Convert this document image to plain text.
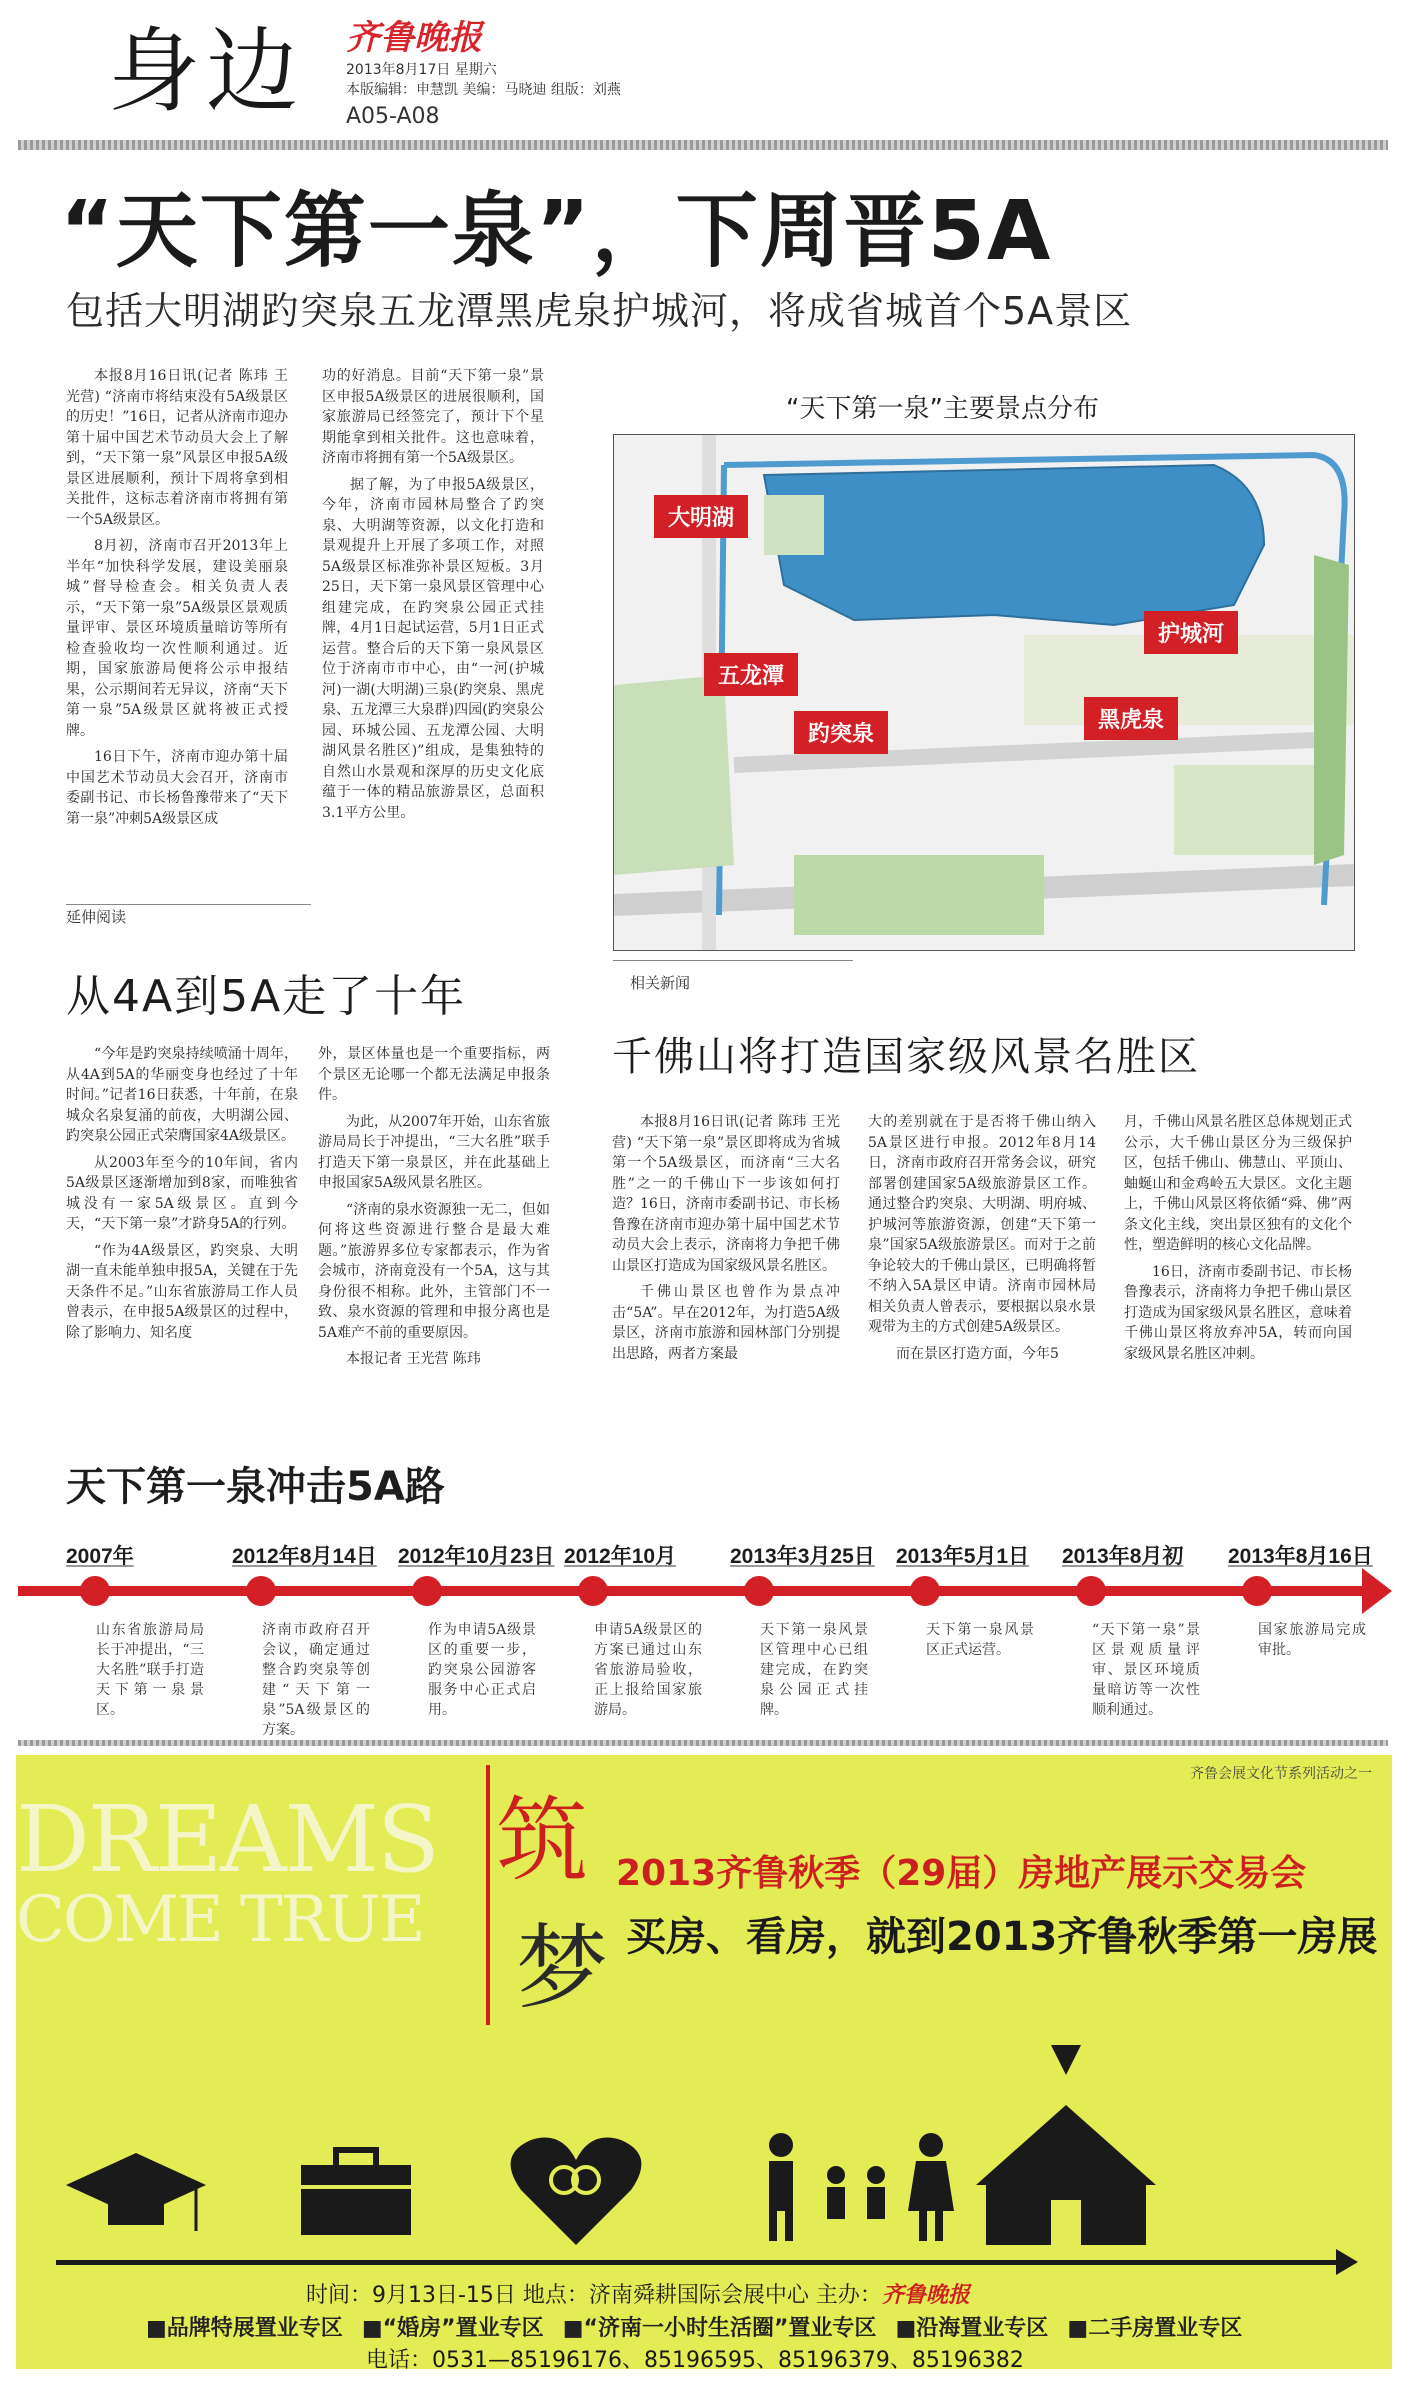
身边 齐鲁晚报
2013年8月17日 星期六
本版编辑：申慧凯 美编：马晓迪 组版：刘燕
A05-A08
“天下第一泉”，下周晋5A
包括大明湖趵突泉五龙潭黑虎泉护城河，将成省城首个5A景区

本报8月16日讯(记者 陈玮 王光营) “济南市将结束没有5A级景区的历史！”16日，记者从济南市迎办第十届中国艺术节动员大会上了解到，“天下第一泉”风景区申报5A级景区进展顺利，预计下周将拿到相关批件，这标志着济南市将拥有第一个5A级景区。

8月初，济南市召开2013年上半年“加快科学发展，建设美丽泉城”督导检查会。相关负责人表示，“天下第一泉”5A级景区景观质量评审、景区环境质量暗访等所有检查验收均一次性顺利通过。近期，国家旅游局便将公示申报结果，公示期间若无异议，济南“天下第一泉”5A级景区就将被正式授牌。

16日下午，济南市迎办第十届中国艺术节动员大会召开，济南市委副书记、市长杨鲁豫带来了“天下第一泉”冲刺5A级景区成

功的好消息。目前“天下第一泉”景区申报5A级景区的进展很顺利，国家旅游局已经签完了，预计下个星期能拿到相关批件。这也意味着，济南市将拥有第一个5A级景区。

据了解，为了申报5A级景区，今年，济南市园林局整合了趵突泉、大明湖等资源，以文化打造和景观提升上开展了多项工作，对照5A级景区标准弥补景区短板。3月25日，天下第一泉风景区管理中心组建完成，在趵突泉公园正式挂牌，4月1日起试运营，5月1日正式运营。整合后的天下第一泉风景区位于济南市市中心，由“一河(护城河)一湖(大明湖)三泉(趵突泉、黑虎泉、五龙潭三大泉群)四园(趵突泉公园、环城公园、五龙潭公园、大明湖风景名胜区)”组成，是集独特的自然山水景观和深厚的历史文化底蕴于一体的精品旅游景区，总面积3.1平方公里。

“天下第一泉”主要景点分布
大明湖
护城河
五龙潭
黑虎泉
趵突泉
延伸阅读
从4A到5A走了十年

“今年是趵突泉持续喷涌十周年，从4A到5A的华丽变身也经过了十年时间。”记者16日获悉，十年前，在泉城众名泉复涌的前夜，大明湖公园、趵突泉公园正式荣膺国家4A级景区。

从2003年至今的10年间，省内5A级景区逐渐增加到8家，而唯独省城没有一家5A级景区。直到今天，“天下第一泉”才跻身5A的行列。

“作为4A级景区，趵突泉、大明湖一直未能单独申报5A，关键在于先天条件不足。”山东省旅游局工作人员曾表示，在申报5A级景区的过程中，除了影响力、知名度

外，景区体量也是一个重要指标，两个景区无论哪一个都无法满足申报条件。

为此，从2007年开始，山东省旅游局局长于冲提出，“三大名胜”联手打造天下第一泉景区，并在此基础上申报国家5A级风景名胜区。

“济南的泉水资源独一无二，但如何将这些资源进行整合是最大难题。”旅游界多位专家都表示，作为省会城市，济南竟没有一个5A，这与其身份很不相称。此外，主管部门不一致、泉水资源的管理和申报分离也是5A难产不前的重要原因。

本报记者 王光营 陈玮

相关新闻
千佛山将打造国家级风景名胜区

本报8月16日讯(记者 陈玮 王光营) “天下第一泉”景区即将成为省城第一个5A级景区，而济南“三大名胜”之一的千佛山下一步该如何打造？16日，济南市委副书记、市长杨鲁豫在济南市迎办第十届中国艺术节动员大会上表示，济南将力争把千佛山景区打造成为国家级风景名胜区。

千佛山景区也曾作为景点冲击“5A”。早在2012年，为打造5A级景区，济南市旅游和园林部门分别提出思路，两者方案最

大的差别就在于是否将千佛山纳入5A景区进行申报。2012年8月14日，济南市政府召开常务会议，研究部署创建国家5A级旅游景区工作。通过整合趵突泉、大明湖、明府城、护城河等旅游资源，创建“天下第一泉”国家5A级旅游景区。而对于之前争论较大的千佛山景区，已明确将暂不纳入5A景区申请。济南市园林局相关负责人曾表示，要根据以泉水景观带为主的方式创建5A级景区。

而在景区打造方面，今年5

月，千佛山风景名胜区总体规划正式公示，大千佛山景区分为三级保护区，包括千佛山、佛慧山、平顶山、蚰蜒山和金鸡岭五大景区。文化主题上，千佛山风景区将依循“舜、佛”两条文化主线，突出景区独有的文化个性，塑造鲜明的核心文化品牌。

16日，济南市委副书记、市长杨鲁豫表示，济南将力争把千佛山景区打造成为国家级风景名胜区，意味着千佛山景区将放弃冲5A，转而向国家级风景名胜区冲刺。

天下第一泉冲击5A路
2007年
山东省旅游局局长于冲提出，“三大名胜”联手打造天下第一泉景区。
2012年8月14日
济南市政府召开会议，确定通过整合趵突泉等创建“天下第一泉”5A级景区的方案。
2012年10月23日
作为申请5A级景区的重要一步，趵突泉公园游客服务中心正式启用。
2012年10月
申请5A级景区的方案已通过山东省旅游局验收，正上报给国家旅游局。
2013年3月25日
天下第一泉风景区管理中心已组建完成，在趵突泉公园正式挂牌。
2013年5月1日
天下第一泉风景区正式运营。
2013年8月初
“天下第一泉”景区景观质量评审、景区环境质量暗访等一次性顺利通过。
2013年8月16日
国家旅游局完成审批。
齐鲁会展文化节系列活动之一
DREAMS
COME TRUE
筑
梦
2013齐鲁秋季（29届）房地产展示交易会
买房、看房，就到2013齐鲁秋季第一房展
时间：9月13日-15日 地点：济南舜耕国际会展中心 主办：齐鲁晚报
■品牌特展置业专区 ■“婚房”置业专区 ■“济南一小时生活圈”置业专区 ■沿海置业专区 ■二手房置业专区
电话：0531—85196176、85196595、85196379、85196382
